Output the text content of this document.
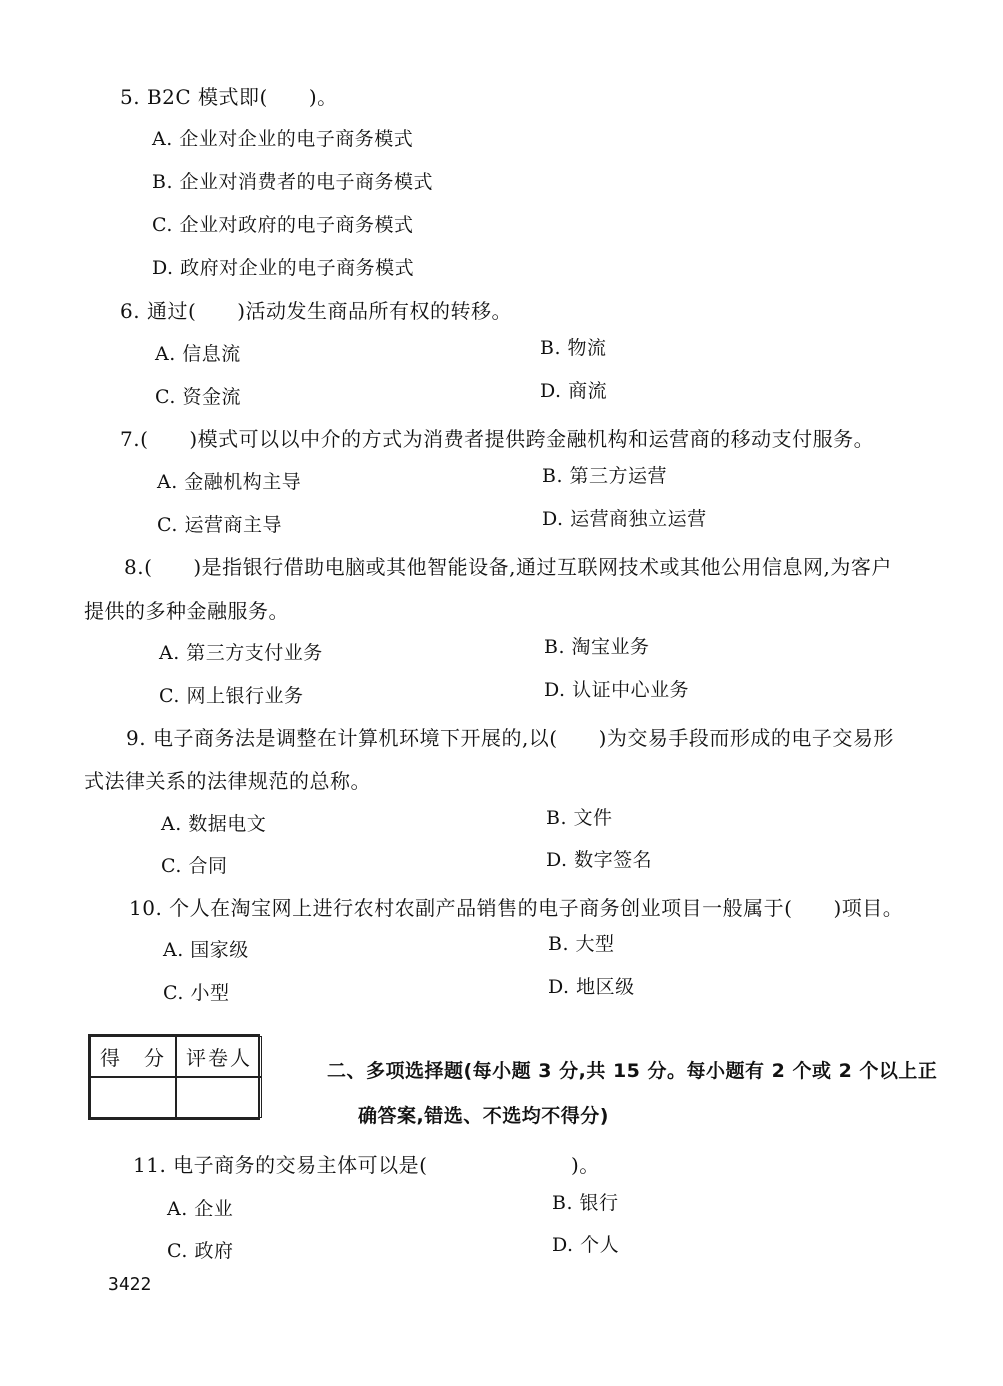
5. B2C 模式即(　　)。
A. 企业对企业的电子商务模式
B. 企业对消费者的电子商务模式
C. 企业对政府的电子商务模式
D. 政府对企业的电子商务模式
6. 通过(　　)活动发生商品所有权的转移。
A. 信息流	B. 物流
C. 资金流	D. 商流
7.(　　)模式可以以中介的方式为消费者提供跨金融机构和运营商的移动支付服务。
A. 金融机构主导	B. 第三方运营
C. 运营商主导	D. 运营商独立运营
8.(　　)是指银行借助电脑或其他智能设备,通过互联网技术或其他公用信息网,为客户
提供的多种金融服务。
A. 第三方支付业务	B. 淘宝业务
C. 网上银行业务	D. 认证中心业务
9. 电子商务法是调整在计算机环境下开展的,以(　　)为交易手段而形成的电子交易形
式法律关系的法律规范的总称。
A. 数据电文	B. 文件
C. 合同	D. 数字签名
10. 个人在淘宝网上进行农村农副产品销售的电子商务创业项目一般属于(　　)项目。
A. 国家级	B. 大型
C. 小型	D. 地区级
得　分	评卷人
二、多项选择题(每小题 3 分,共 15 分。每小题有 2 个或 2 个以上正
确答案,错选、不选均不得分)
11. 电子商务的交易主体可以是(　　　　　　　)。
A. 企业	B. 银行
C. 政府	D. 个人
3422
